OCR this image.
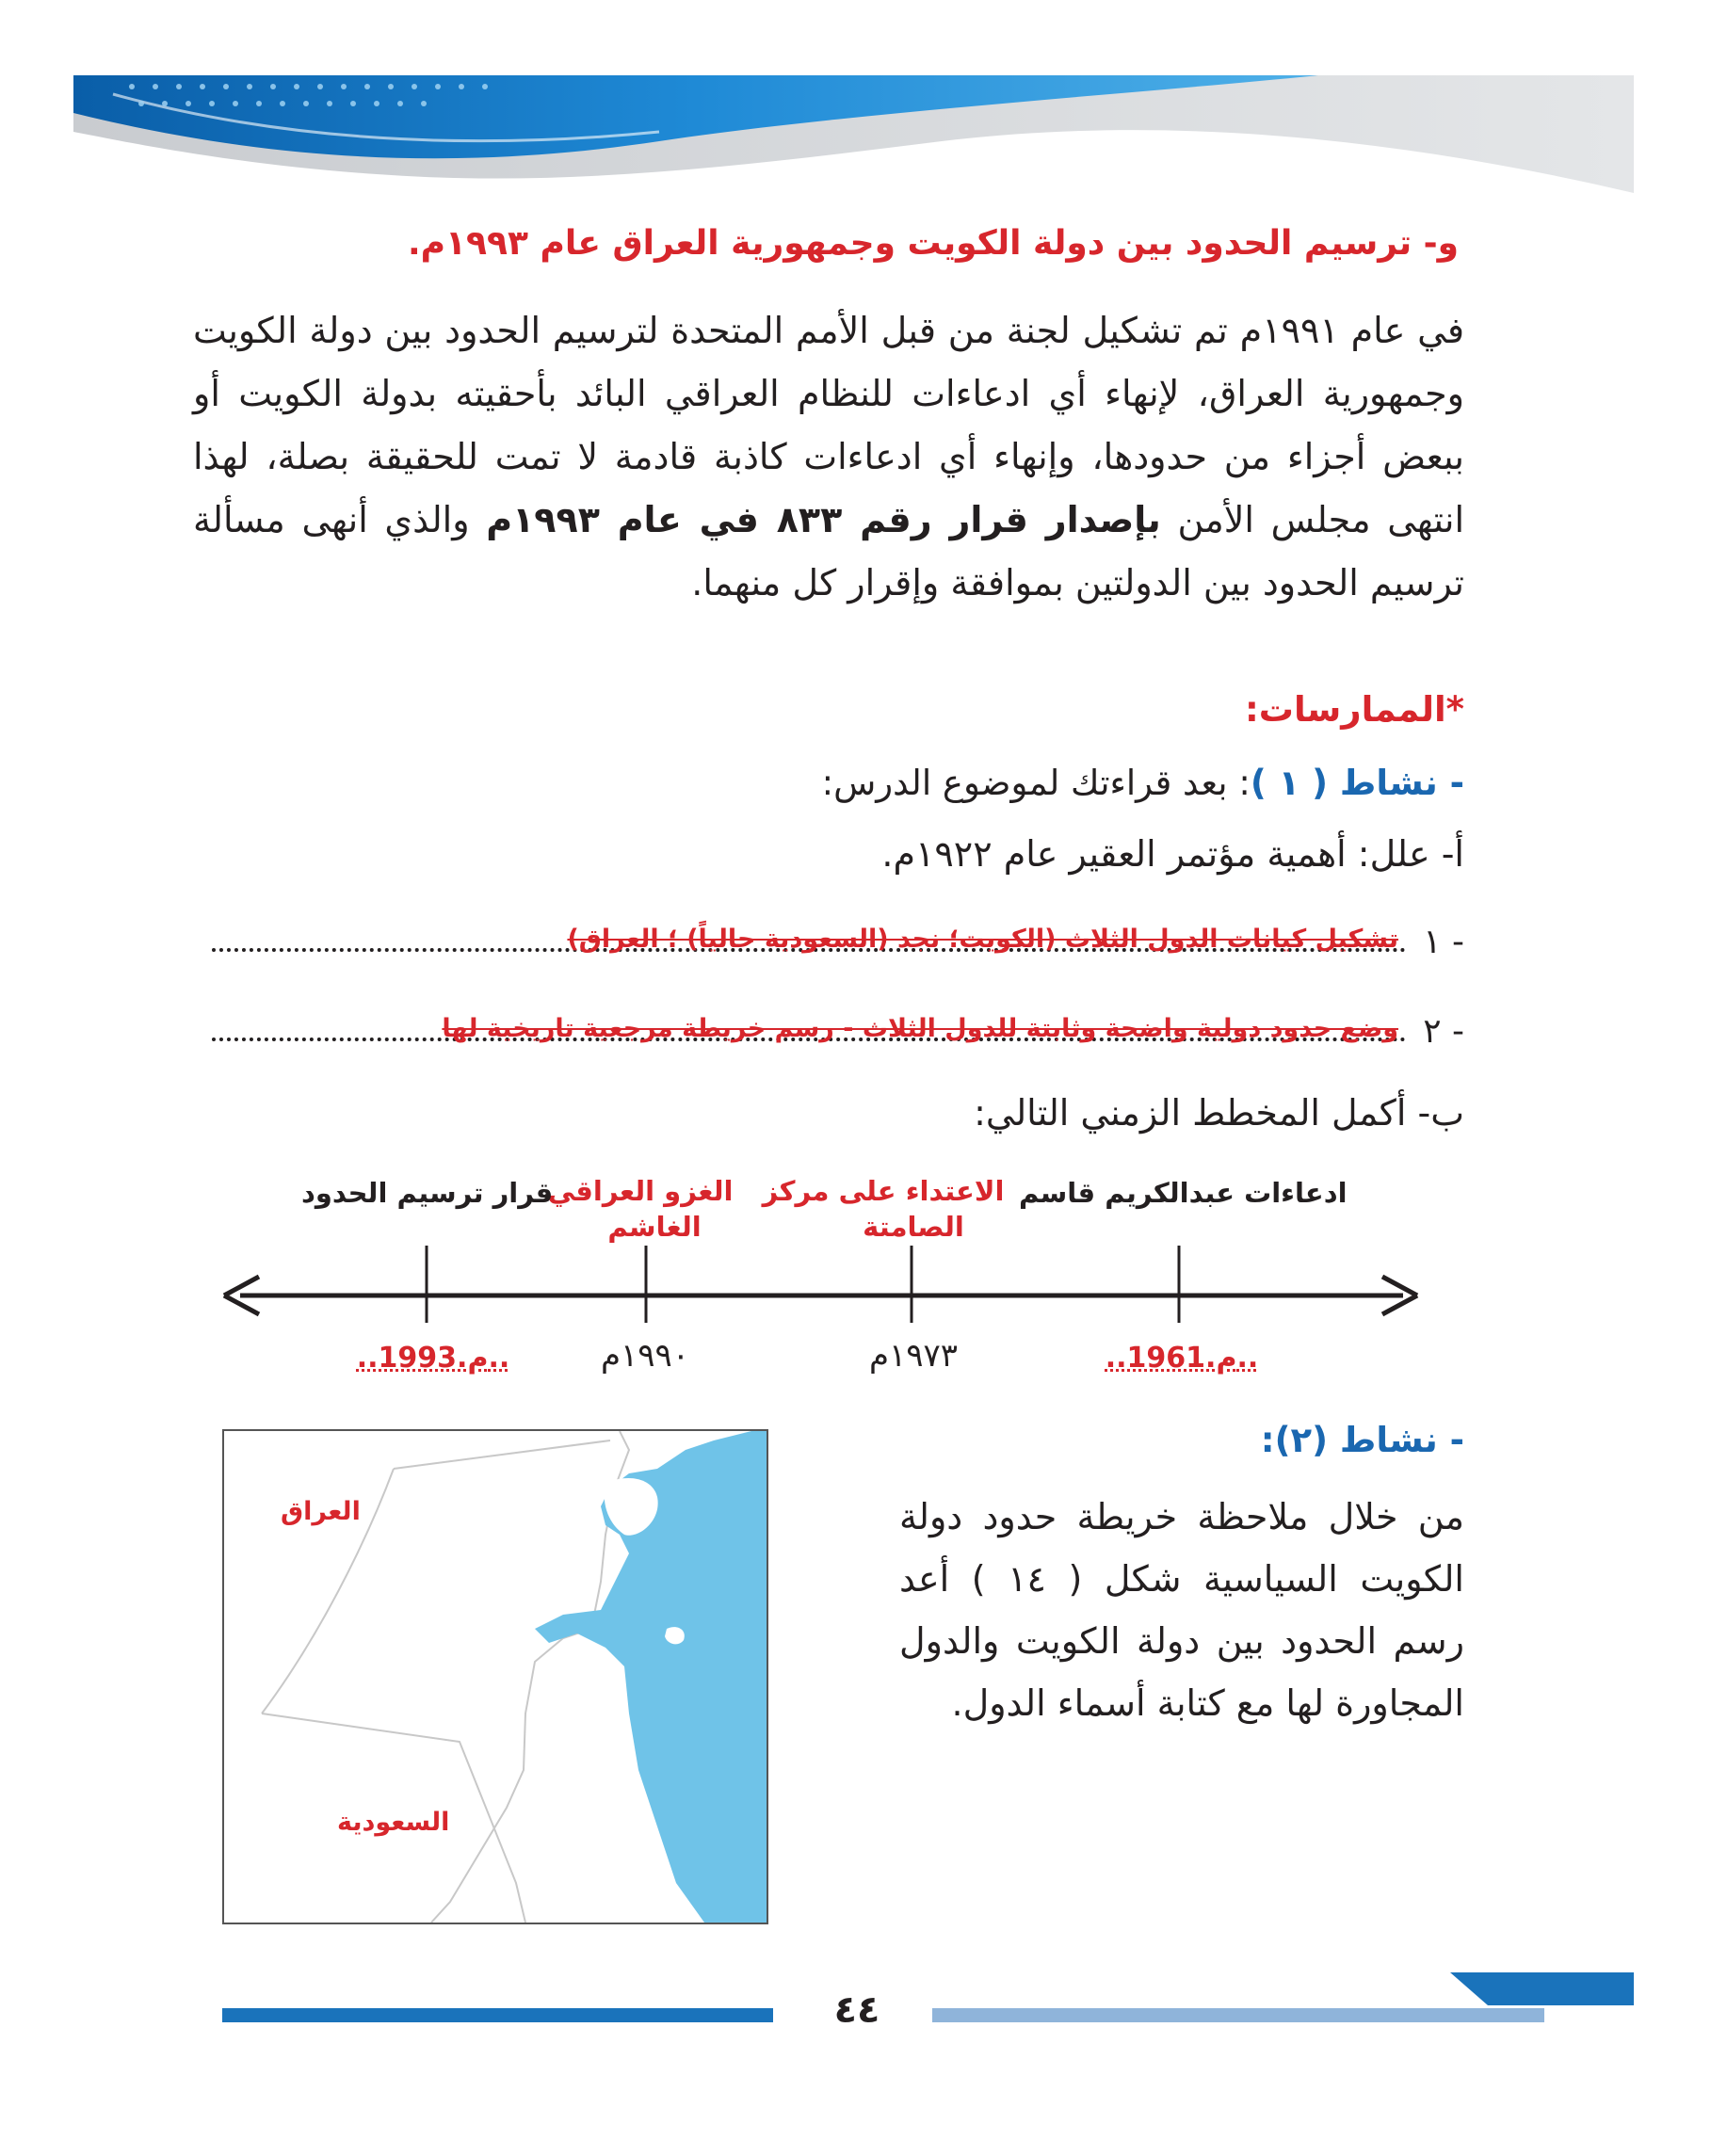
و- ترسيم الحدود بين دولة الكويت وجمهورية العراق عام ١٩٩٣م.
في عام ١٩٩١م تم تشكيل لجنة من قبل الأمم المتحدة لترسيم الحدود بين دولة الكويت وجمهورية العراق، لإنهاء أي ادعاءات للنظام العراقي البائد بأحقيته بدولة الكويت أو ببعض أجزاء من حدودها، وإنهاء أي ادعاءات كاذبة قادمة لا تمت للحقيقة بصلة، لهذا انتهى مجلس الأمن بإصدار قرار رقم ٨٣٣ في عام ١٩٩٣م والذي أنهى مسألة ترسيم الحدود بين الدولتين بموافقة وإقرار كل منهما.
*الممارسات:
- نشاط ( ١ ): بعد قراءتك لموضوع الدرس:
أ- علل: أهمية مؤتمر العقير عام ١٩٢٢م.
١ -
تشكيل كيانات الدول الثلاث (الكويت؛ نجد (السعودية حالياً) ؛ العراق)
٢ -
وضع حدود دولية واضحة وثابتة للدول الثلاث - رسم خريطة مرجعية تاريخية لها
ب- أكمل المخطط الزمني التالي:
ادعاءات عبدالكريم قاسم
الاعتداء على مركز
الصامتة
الغزو العراقي
الغاشم
قرار ترسيم الحدود
..1961.م..
١٩٧٣م
١٩٩٠م
..1993.م..
- نشاط (٢):
من خلال ملاحظة خريطة حدود دولة الكويت السياسية شكل ( ١٤ ) أعد رسم الحدود بين دولة الكويت والدول المجاورة لها مع كتابة أسماء الدول.
العراق
السعودية
٤٤
